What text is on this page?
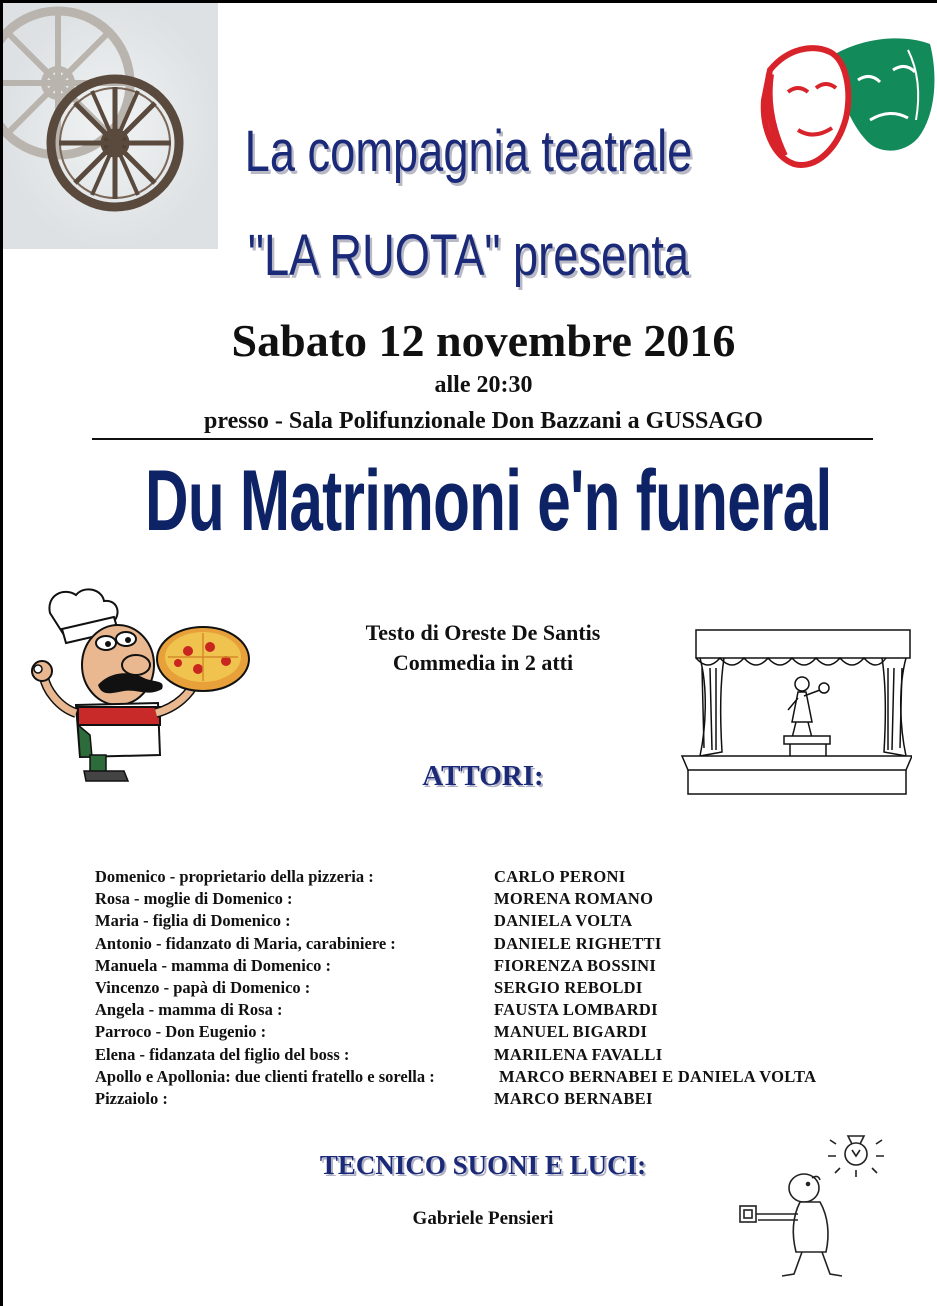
La compagnia teatrale
"LA RUOTA" presenta
Sabato 12 novembre 2016
alle 20:30
presso - Sala Polifunzionale Don Bazzani a GUSSAGO
Du Matrimoni e'n funeral
Testo di Oreste De Santis
Commedia in 2 atti
ATTORI:
Domenico - proprietario della pizzeria :	CARLO PERONI
Rosa - moglie di Domenico :	MORENA ROMANO
Maria - figlia di Domenico :	DANIELA VOLTA
Antonio - fidanzato di Maria, carabiniere :	DANIELE RIGHETTI
Manuela - mamma di Domenico :	FIORENZA BOSSINI
Vincenzo - papà di Domenico :	SERGIO REBOLDI
Angela - mamma di Rosa :	FAUSTA LOMBARDI
Parroco - Don Eugenio :	MANUEL BIGARDI
Elena - fidanzata del figlio del boss :	MARILENA FAVALLI
Apollo e Apollonia: due clienti fratello e sorella :	MARCO BERNABEI E DANIELA VOLTA
Pizzaiolo :	MARCO BERNABEI
TECNICO SUONI E LUCI:
Gabriele Pensieri
